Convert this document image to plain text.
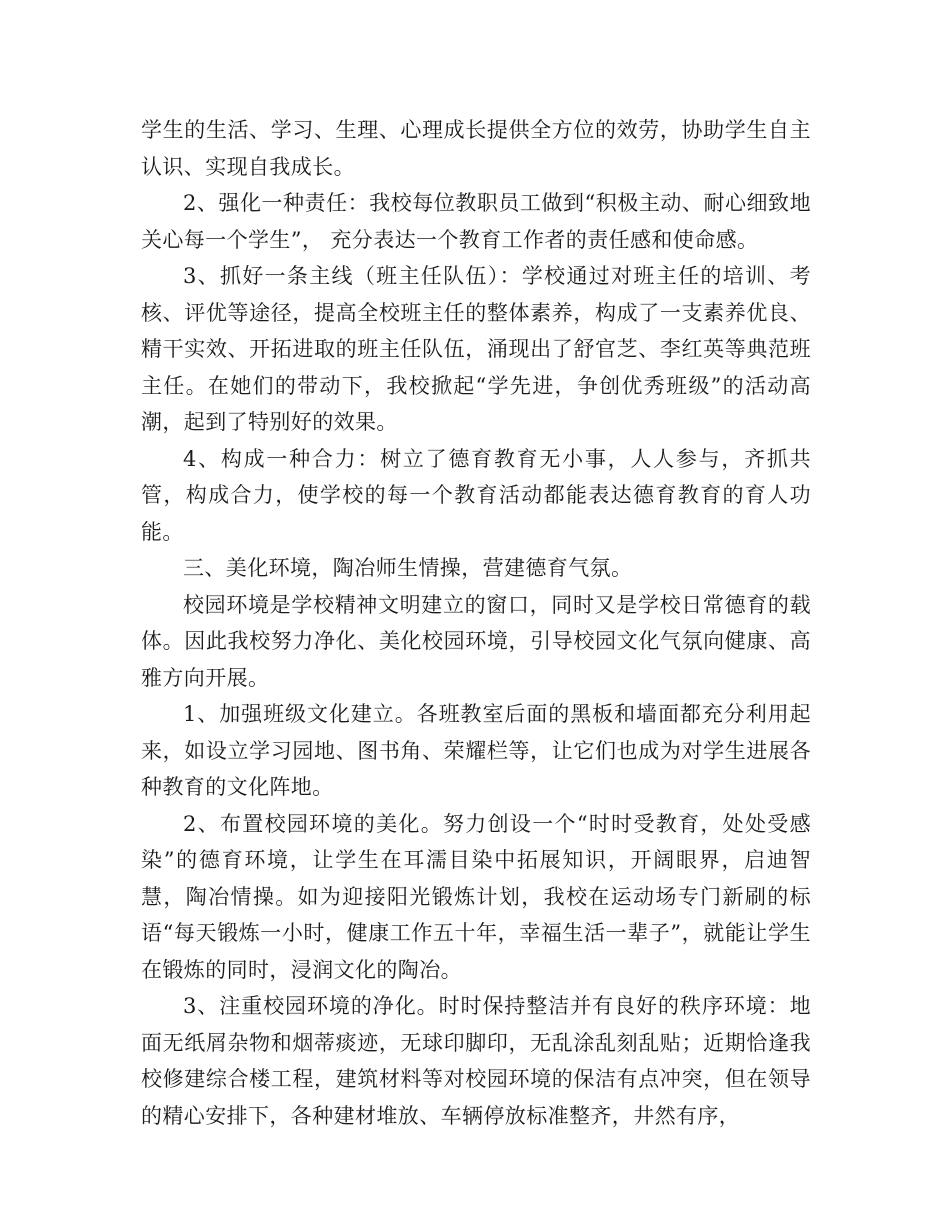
学生的生活、学习、生理、心理成长提供全方位的效劳，协助学生自主认识、实现自我成长。

2、强化一种责任：我校每位教职员工做到“积极主动、耐心细致地关心每一个学生”， 充分表达一个教育工作者的责任感和使命感。

3、抓好一条主线（班主任队伍）：学校通过对班主任的培训、考核、评优等途径，提高全校班主任的整体素养，构成了一支素养优良、精干实效、开拓进取的班主任队伍，涌现出了舒官芝、李红英等典范班主任。在她们的带动下，我校掀起“学先进，争创优秀班级”的活动高潮，起到了特别好的效果。

4、构成一种合力：树立了德育教育无小事，人人参与，齐抓共管，构成合力，使学校的每一个教育活动都能表达德育教育的育人功能。

三、美化环境，陶冶师生情操，营建德育气氛。

校园环境是学校精神文明建立的窗口，同时又是学校日常德育的载体。因此我校努力净化、美化校园环境，引导校园文化气氛向健康、高雅方向开展。

1、加强班级文化建立。各班教室后面的黑板和墙面都充分利用起来，如设立学习园地、图书角、荣耀栏等，让它们也成为对学生进展各种教育的文化阵地。

2、布置校园环境的美化。努力创设一个“时时受教育，处处受感染”的德育环境，让学生在耳濡目染中拓展知识，开阔眼界，启迪智慧，陶冶情操。如为迎接阳光锻炼计划，我校在运动场专门新刷的标语“每天锻炼一小时，健康工作五十年，幸福生活一辈子”，就能让学生在锻炼的同时，浸润文化的陶冶。

3、注重校园环境的净化。时时保持整洁并有良好的秩序环境：地面无纸屑杂物和烟蒂痰迹，无球印脚印，无乱涂乱刻乱贴；近期恰逢我校修建综合楼工程，建筑材料等对校园环境的保洁有点冲突，但在领导的精心安排下，各种建材堆放、车辆停放标准整齐，井然有序，
